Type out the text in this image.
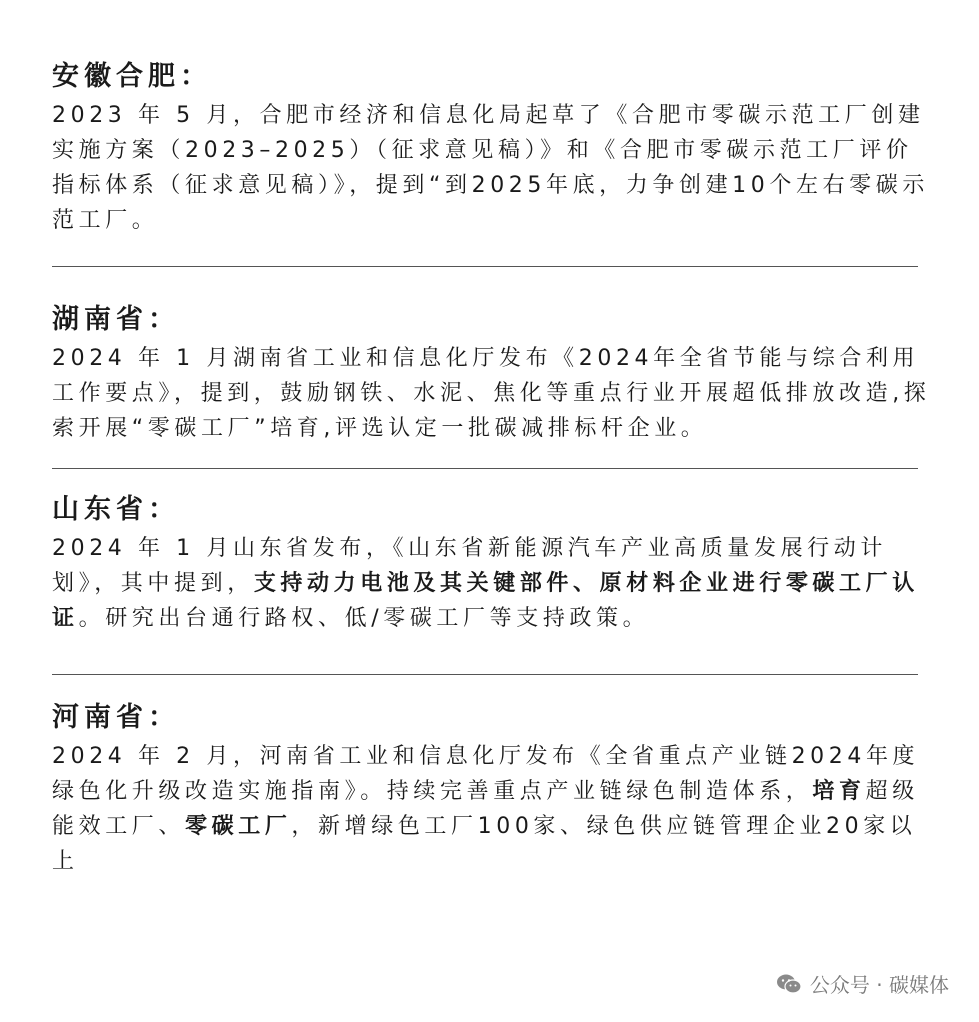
安徽合肥：

2023 年 5 月，合肥市经济和信息化局起草了《合肥市零碳示范工厂创建实施方案（2023–2025）（征求意见稿）》和《合肥市零碳示范工厂评价指标体系（征求意见稿）》，提到“到2025年底，力争创建10个左右零碳示范工厂。

湖南省：

2024 年 1 月湖南省工业和信息化厅发布《2024年全省节能与综合利用工作要点》，提到，鼓励钢铁、水泥、焦化等重点行业开展超低排放改造,探索开展“零碳工厂”培育,评选认定一批碳减排标杆企业。

山东省：

2024 年 1 月山东省发布，《山东省新能源汽车产业高质量发展行动计划》，其中提到，支持动力电池及其关键部件、原材料企业进行零碳工厂认证。研究出台通行路权、低/零碳工厂等支持政策。

河南省：

2024 年 2 月，河南省工业和信息化厅发布《全省重点产业链2024年度绿色化升级改造实施指南》。持续完善重点产业链绿色制造体系，培育超级能效工厂、零碳工厂，新增绿色工厂100家、绿色供应链管理企业20家以上

公众号 · 碳媒体
